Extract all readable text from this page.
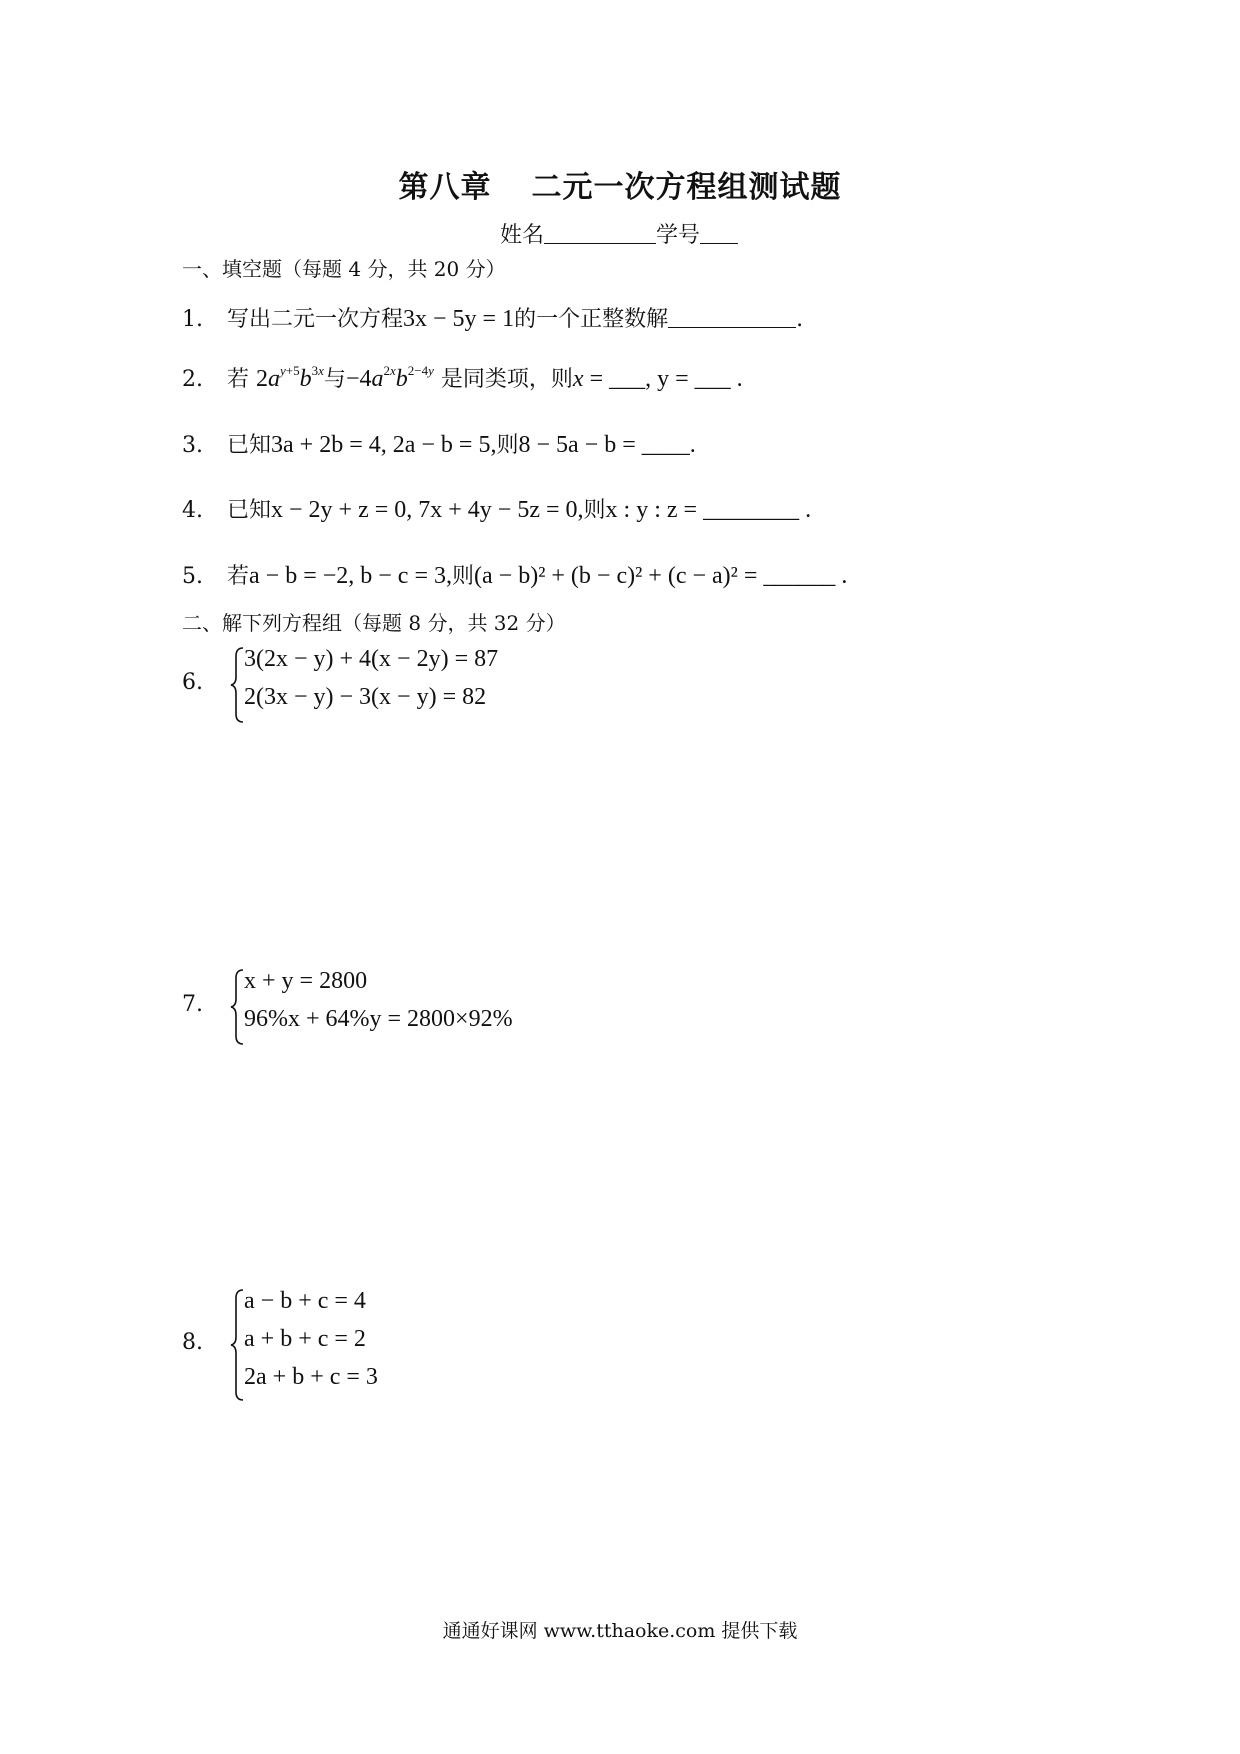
第八章 二元一次方程组测试题
姓名	学号
一、填空题（每题 4 分，共 20 分）
1. 写出二元一次方程3x − 5y = 1的一个正整数解	.
2. 若 $2a^{y+5}b^{3x}$与$-4a^{2x}b^{2-4y}$ 是同类项，则x = ___, y = ___ .
3. 已知3a + 2b = 4, 2a − b = 5,则8 − 5a − b = ____.
4. 已知x − 2y + z = 0, 7x + 4y − 5z = 0,则x : y : z = ________ .
5. 若a − b = −2, b − c = 3,则(a − b)² + (b − c)² + (c − a)² = ______ .
二、解下列方程组（每题 8 分，共 32 分）
6.
3(2x − y) + 4(x − 2y) = 87
2(3x − y) − 3(x − y) = 82
7.
x + y = 2800
96%x + 64%y = 2800×92%
8.
a − b + c = 4
a + b + c = 2
2a + b + c = 3
通通好课网 www.tthaoke.com 提供下载
